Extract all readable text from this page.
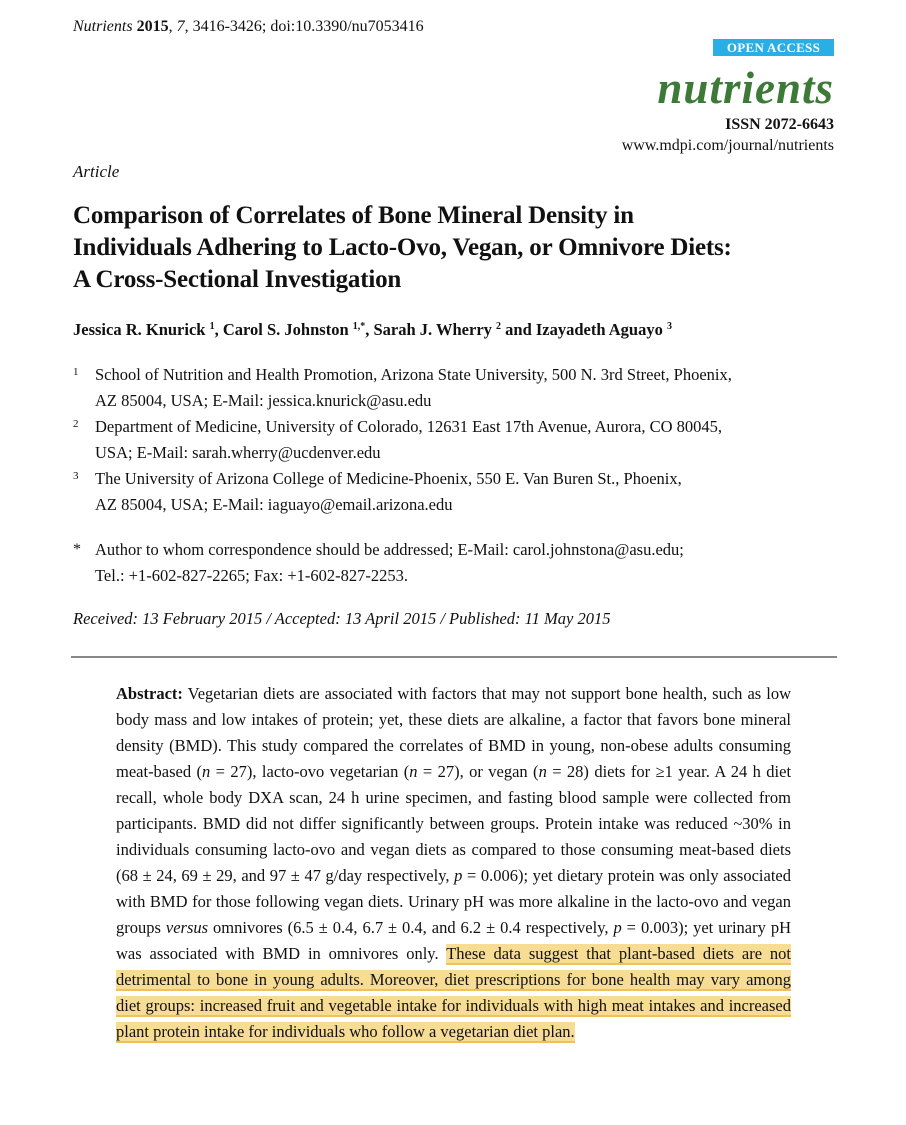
Nutrients 2015, 7, 3416-3426; doi:10.3390/nu7053416
OPEN ACCESS
nutrients
ISSN 2072-6643
www.mdpi.com/journal/nutrients
Article
Comparison of Correlates of Bone Mineral Density in
Individuals Adhering to Lacto-Ovo, Vegan, or Omnivore Diets:
A Cross-Sectional Investigation
Jessica R. Knurick $^1$, Carol S. Johnston $^{1,*}$, Sarah J. Wherry $^2$ and Izayadeth Aguayo $^3$
1 School of Nutrition and Health Promotion, Arizona State University, 500 N. 3rd Street, Phoenix,
AZ 85004, USA; E-Mail: jessica.knurick@asu.edu
2 Department of Medicine, University of Colorado, 12631 East 17th Avenue, Aurora, CO 80045,
USA; E-Mail: sarah.wherry@ucdenver.edu
3 The University of Arizona College of Medicine-Phoenix, 550 E. Van Buren St., Phoenix,
AZ 85004, USA; E-Mail: iaguayo@email.arizona.edu
* Author to whom correspondence should be addressed; E-Mail: carol.johnstona@asu.edu;
Tel.: +1-602-827-2265; Fax: +1-602-827-2253.
Received: 13 February 2015 / Accepted: 13 April 2015 / Published: 11 May 2015
Abstract: Vegetarian diets are associated with factors that may not support bone health, such as low body mass and low intakes of protein; yet, these diets are alkaline, a factor that favors bone mineral density (BMD). This study compared the correlates of BMD in young, non-obese adults consuming meat-based (n = 27), lacto-ovo vegetarian (n = 27), or vegan (n = 28) diets for ≥1 year. A 24 h diet recall, whole body DXA scan, 24 h urine specimen, and fasting blood sample were collected from participants. BMD did not differ significantly between groups. Protein intake was reduced ~30% in individuals consuming lacto-ovo and vegan diets as compared to those consuming meat-based diets (68 ± 24, 69 ± 29, and 97 ± 47 g/day respectively, p = 0.006); yet dietary protein was only associated with BMD for those following vegan diets. Urinary pH was more alkaline in the lacto-ovo and vegan groups versus omnivores (6.5 ± 0.4, 6.7 ± 0.4, and 6.2 ± 0.4 respectively, p = 0.003); yet urinary pH was associated with BMD in omnivores only. These data suggest that plant-based diets are not detrimental to bone in young adults. Moreover, diet prescriptions for bone health may vary among diet groups: increased fruit and vegetable intake for individuals with high meat intakes and increased plant protein intake for individuals who follow a vegetarian diet plan.
